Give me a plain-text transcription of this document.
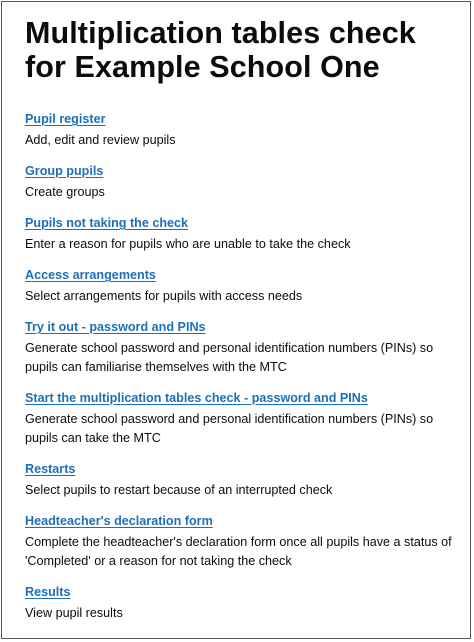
Multiplication tables check for Example School One
Pupil register

Add, edit and review pupils

Group pupils

Create groups

Pupils not taking the check

Enter a reason for pupils who are unable to take the check

Access arrangements

Select arrangements for pupils with access needs

Try it out - password and PINs

Generate school password and personal identification numbers (PINs) so pupils can familiarise themselves with the MTC

Start the multiplication tables check - password and PINs

Generate school password and personal identification numbers (PINs) so pupils can take the MTC

Restarts

Select pupils to restart because of an interrupted check

Headteacher's declaration form

Complete the headteacher's declaration form once all pupils have a status of 'Completed' or a reason for not taking the check

Results

View pupil results
